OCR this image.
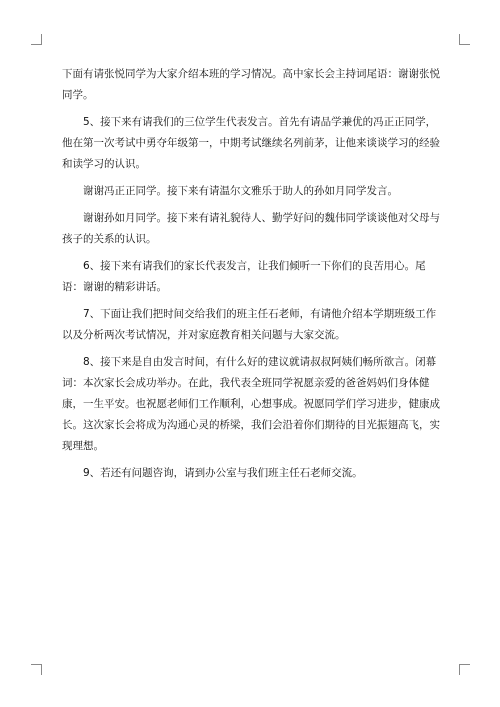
下面有请张悦同学为大家介绍本班的学习情况。高中家长会主持词尾语：谢谢张悦同学。

5、接下来有请我们的三位学生代表发言。首先有请品学兼优的冯正正同学，他在第一次考试中勇夺年级第一，中期考试继续名列前茅，让他来谈谈学习的经验和读学习的认识。

谢谢冯正正同学。接下来有请温尔文雅乐于助人的孙如月同学发言。

谢谢孙如月同学。接下来有请礼貌待人、勤学好问的魏伟同学谈谈他对父母与孩子的关系的认识。

6、接下来有请我们的家长代表发言，让我们倾听一下你们的良苦用心。尾语：谢谢的精彩讲话。

7、下面让我们把时间交给我们的班主任石老师，有请他介绍本学期班级工作以及分析两次考试情况，并对家庭教育相关问题与大家交流。

8、接下来是自由发言时间，有什么好的建议就请叔叔阿姨们畅所欲言。闭幕词：本次家长会成功举办。在此，我代表全班同学祝愿亲爱的爸爸妈妈们身体健康，一生平安。也祝愿老师们工作顺利，心想事成。祝愿同学们学习进步，健康成长。这次家长会将成为沟通心灵的桥梁，我们会沿着你们期待的目光振翅高飞，实现理想。

9、若还有问题咨询，请到办公室与我们班主任石老师交流。
